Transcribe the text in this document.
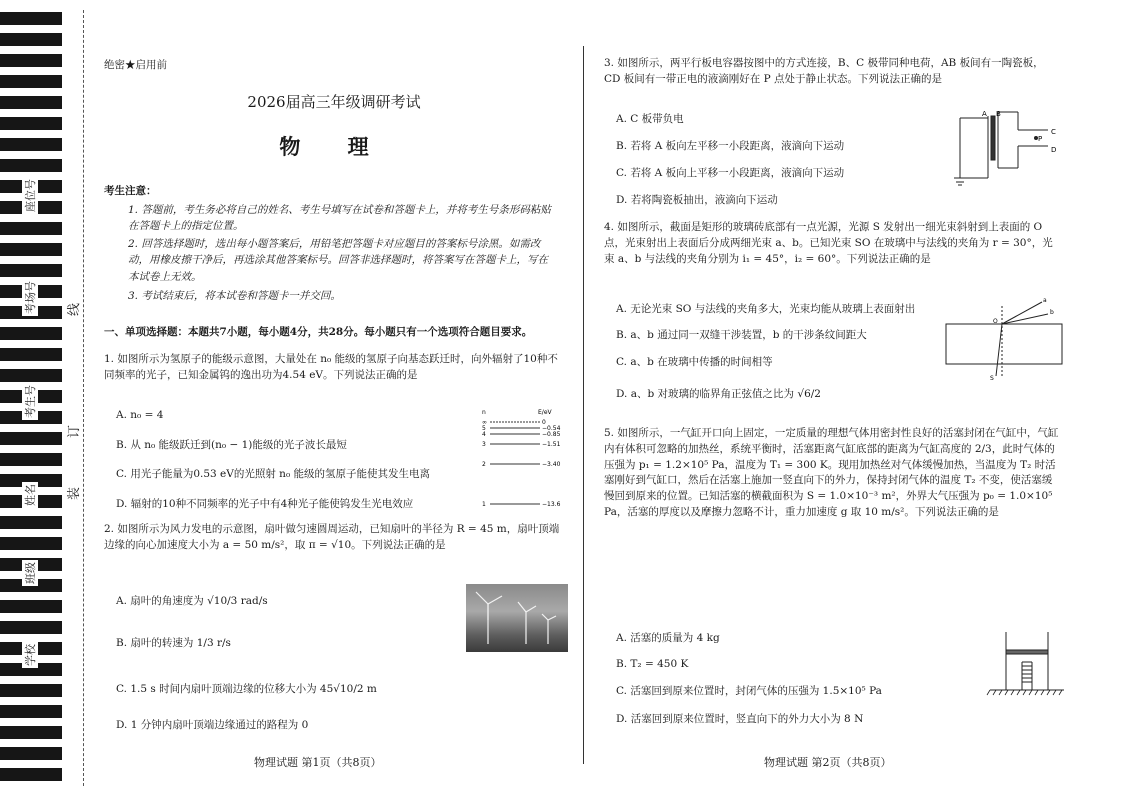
座位号
考场号
考生号
姓名
班级
学校
线
订
装
绝密★启用前
2026届高三年级调研考试
物 理
考生注意：
1. 答题前，考生务必将自己的姓名、考生号填写在试卷和答题卡上，并将考生号条形码粘贴在答题卡上的指定位置。
2. 回答选择题时，选出每小题答案后，用铅笔把答题卡对应题目的答案标号涂黑。如需改动，用橡皮擦干净后，再选涂其他答案标号。回答非选择题时，将答案写在答题卡上，写在本试卷上无效。
3. 考试结束后，将本试卷和答题卡一并交回。
一、单项选择题：本题共7小题，每小题4分，共28分。每小题只有一个选项符合题目要求。
1. 如图所示为氢原子的能级示意图，大量处在 n₀ 能级的氢原子向基态跃迁时，向外辐射了10种不同频率的光子，已知金属钨的逸出功为4.54 eV。下列说法正确的是
A. n₀ = 4
B. 从 n₀ 能级跃迁到(n₀ − 1)能级的光子波长最短
C. 用光子能量为0.53 eV的光照射 n₀ 能级的氢原子能使其发生电离
D. 辐射的10种不同频率的光子中有4种光子能使钨发生光电效应
n	E/eV
∞	0
5	−0.54
4	−0.85
3	−1.51
2	−3.40
1	−13.6
2. 如图所示为风力发电的示意图，扇叶做匀速圆周运动，已知扇叶的半径为 R = 45 m，扇叶顶端边缘的向心加速度大小为 a = 50 m/s²，取 π = √10。下列说法正确的是
A. 扇叶的角速度为 √10/3 rad/s
B. 扇叶的转速为 1/3 r/s
C. 1.5 s 时间内扇叶顶端边缘的位移大小为 45√10/2 m
D. 1 分钟内扇叶顶端边缘通过的路程为 0
物理试题 第1页（共8页）
3. 如图所示，两平行板电容器按图中的方式连接，B、C 极带同种电荷，AB 板间有一陶瓷板，CD 板间有一带正电的液滴刚好在 P 点处于静止状态。下列说法正确的是
A. C 板带负电
B. 若将 A 板向左平移一小段距离，液滴向下运动
C. 若将 A 板向上平移一小段距离，液滴向下运动
D. 若将陶瓷板抽出，液滴向下运动
A B
C
P
D
4. 如图所示，截面是矩形的玻璃砖底部有一点光源，光源 S 发射出一细光束斜射到上表面的 O 点，光束射出上表面后分成两细光束 a、b。已知光束 SO 在玻璃中与法线的夹角为 r = 30°，光束 a、b 与法线的夹角分别为 i₁ = 45°，i₂ = 60°。下列说法正确的是
A. 无论光束 SO 与法线的夹角多大，光束均能从玻璃上表面射出
B. a、b 通过同一双缝干涉装置，b 的干涉条纹间距大
C. a、b 在玻璃中传播的时间相等
D. a、b 对玻璃的临界角正弦值之比为 √6/2
a
b
O
S
5. 如图所示，一气缸开口向上固定，一定质量的理想气体用密封性良好的活塞封闭在气缸中，气缸内有体积可忽略的加热丝，系统平衡时，活塞距离气缸底部的距离为气缸高度的 2/3，此时气体的压强为 p₁ = 1.2×10⁵ Pa，温度为 T₁ = 300 K。现用加热丝对气体缓慢加热，当温度为 T₂ 时活塞刚好到气缸口，然后在活塞上施加一竖直向下的外力，保持封闭气体的温度 T₂ 不变，使活塞缓慢回到原来的位置。已知活塞的横截面积为 S = 1.0×10⁻³ m²，外界大气压强为 p₀ = 1.0×10⁵ Pa，活塞的厚度以及摩擦力忽略不计，重力加速度 g 取 10 m/s²。下列说法正确的是
A. 活塞的质量为 4 kg
B. T₂ = 450 K
C. 活塞回到原来位置时，封闭气体的压强为 1.5×10⁵ Pa
D. 活塞回到原来位置时，竖直向下的外力大小为 8 N
物理试题 第2页（共8页）
